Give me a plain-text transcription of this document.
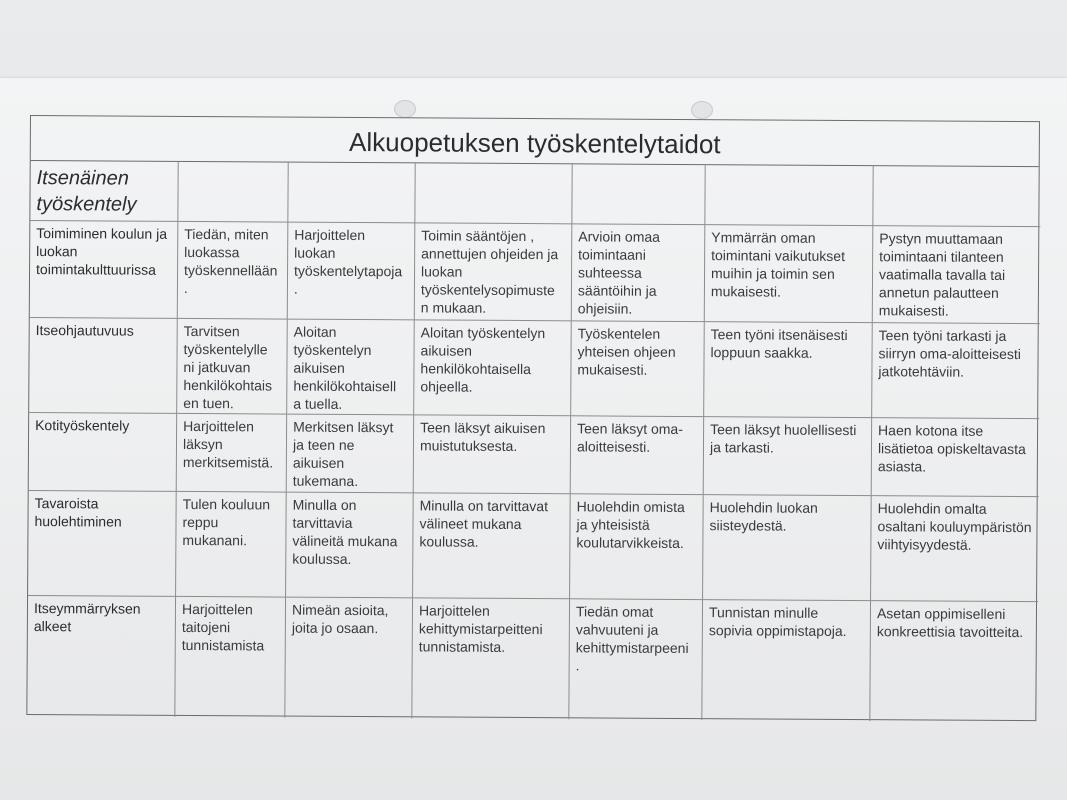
Alkuopetuksen työskentelytaidot
Itsenäinen työskentely
Toimiminen koulun ja luokan toimintakulttuurissa
Tiedän, miten luokassa työskennellään .
Harjoittelen luokan työskentelytapoja .
Toimin sääntöjen , annettujen ohjeiden ja luokan työskentelysopimuste n mukaan.
Arvioin omaa toimintaani suhteessa sääntöihin ja ohjeisiin.
Ymmärrän oman toimintani vaikutukset muihin ja toimin sen mukaisesti.
Pystyn muuttamaan toimintaani tilanteen vaatimalla tavalla tai annetun palautteen mukaisesti.
Itseohjautuvuus	Tarvitsen työskentelylle ni jatkuvan henkilökohtais en tuen.
Aloitan työskentelyn aikuisen henkilökohtaisell a tuella.
Aloitan työskentelyn aikuisen henkilökohtaisella ohjeella.
Työskentelen yhteisen ohjeen mukaisesti.
Teen työni itsenäisesti loppuun saakka.
Teen työni tarkasti ja siirryn oma-aloitteisesti jatkotehtäviin.
Kotityöskentely	Harjoittelen läksyn merkitsemistä.
Merkitsen läksyt ja teen ne aikuisen tukemana.
Teen läksyt aikuisen muistutuksesta.
Teen läksyt oma-aloitteisesti.
Teen läksyt huolellisesti ja tarkasti.
Haen kotona itse lisätietoa opiskeltavasta asiasta.
Tavaroista huolehtiminen
Tulen kouluun reppu mukanani.
Minulla on tarvittavia välineitä mukana koulussa.
Minulla on tarvittavat välineet mukana koulussa.
Huolehdin omista ja yhteisistä koulutarvikkeista.
Huolehdin luokan siisteydestä.
Huolehdin omalta osaltani kouluympäristön viihtyisyydestä.
Itseymmärryksen alkeet
Harjoittelen taitojeni tunnistamista
Nimeän asioita, joita jo osaan.
Harjoittelen kehittymistarpeitteni tunnistamista.
Tiedän omat vahvuuteni ja kehittymistarpeeni .
Tunnistan minulle sopivia oppimistapoja.
Asetan oppimiselleni konkreettisia tavoitteita.
